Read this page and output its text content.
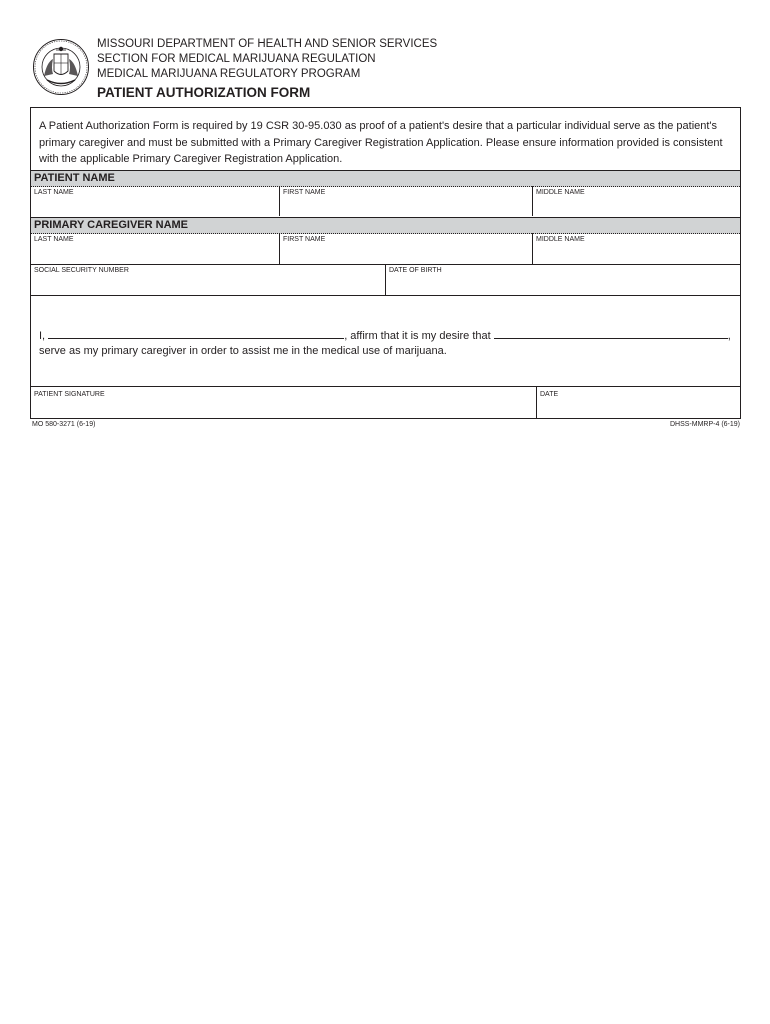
MISSOURI DEPARTMENT OF HEALTH AND SENIOR SERVICES
SECTION FOR MEDICAL MARIJUANA REGULATION
MEDICAL MARIJUANA REGULATORY PROGRAM
PATIENT AUTHORIZATION FORM
A Patient Authorization Form is required by 19 CSR 30-95.030 as proof of a patient's desire that a particular individual serve as the patient's primary caregiver and must be submitted with a Primary Caregiver Registration Application. Please ensure information provided is consistent with the applicable Primary Caregiver Registration Application.
PATIENT NAME
LAST NAME	FIRST NAME	MIDDLE NAME
PRIMARY CAREGIVER NAME
LAST NAME	FIRST NAME	MIDDLE NAME
SOCIAL SECURITY NUMBER	DATE OF BIRTH
I,	, affirm that it is my desire that	,
serve as my primary caregiver in order to assist me in the medical use of marijuana.
PATIENT SIGNATURE	DATE
MO 580-3271 (6-19)	DHSS-MMRP-4 (6-19)
